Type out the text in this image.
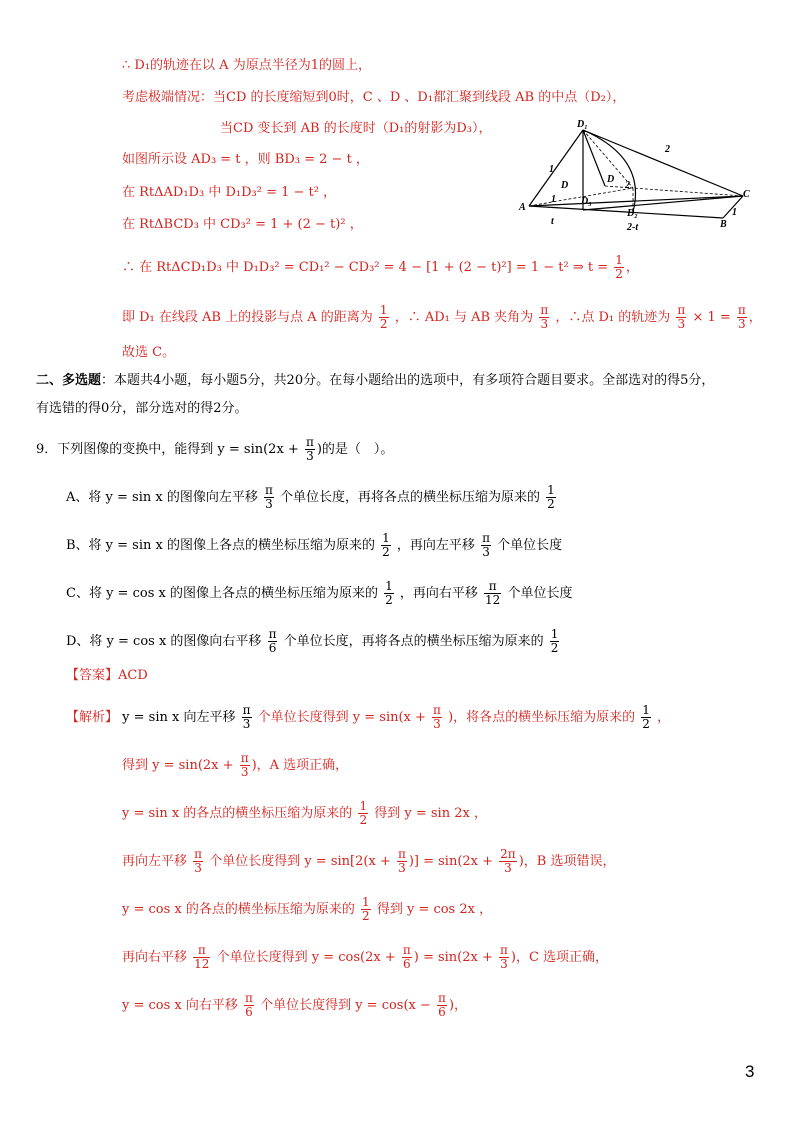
∴ D₁的轨迹在以 A 为原点半径为1的圆上，
考虑极端情况：当CD 的长度缩短到0时，C 、D 、D₁都汇聚到线段 AB 的中点（D₂），
当CD 变长到 AB 的长度时（D₁的射影为D₃），
如图所示设 AD₃ = t ，则 BD₃ = 2 − t ，
在 RtΔAD₁D₃ 中 D₁D₃² = 1 − t² ，
在 RtΔBCD₃ 中 CD₃² = 1 + (2 − t)² ，
∴ 在 RtΔCD₁D₃ 中 D₁D₃² = CD₁² − CD₃² = 4 − [1 + (2 − t)²] = 1 − t² ⇒ $t = \frac{1}{2}$ ，
即 D₁ 在线段 AB 上的投影与点 A 的距离为 $\frac{1}{2}$ ，∴ AD₁ 与 AB 夹角为 $\frac{\pi}{3}$ ，∴点 D₁ 的轨迹为 $\frac{\pi}{3} \times 1 = \frac{\pi}{3}$ ，
故选 C。
D₁
2
1
D
D
2
C
A
1	D₃
D₂	1
B
t
2-t
二、多选题：本题共4小题，每小题5分，共20分。在每小题给出的选项中，有多项符合题目要求。全部选对的得5分，
有选错的得0分，部分选对的得2分。
9．下列图像的变换中，能得到 $y = \sin(2x + \frac{\pi}{3}$ )的是（　）。
A、将 y = sin x 的图像向左平移 $\frac{\pi}{3}$ 个单位长度，再将各点的横坐标压缩为原来的 $\frac{1}{2}$
B、将 y = sin x 的图像上各点的横坐标压缩为原来的 $\frac{1}{2}$ ，再向左平移 $\frac{\pi}{3}$ 个单位长度
C、将 y = cos x 的图像上各点的横坐标压缩为原来的 $\frac{1}{2}$ ，再向右平移 $\frac{\pi}{12}$ 个单位长度
D、将 y = cos x 的图像向右平移 $\frac{\pi}{6}$ 个单位长度，再将各点的横坐标压缩为原来的 $\frac{1}{2}$
【答案】ACD
【解析】 y = sin x 向左平移 $\frac{\pi}{3}$ 个单位长度得到 $y = \sin(x + \frac{\pi}{3}$ )，将各点的横坐标压缩为原来的 $\frac{1}{2}$ ，
得到 $y = \sin(2x + \frac{\pi}{3}$ )，A 选项正确，
y = sin x 的各点的横坐标压缩为原来的 $\frac{1}{2}$ 得到 y = sin 2x ，
再向左平移 $\frac{\pi}{3}$ 个单位长度得到 $y = \sin[2(x + \frac{\pi}{3}$ )] = $\sin(2x + \frac{2\pi}{3}$ )，B 选项错误，
y = cos x 的各点的横坐标压缩为原来的 $\frac{1}{2}$ 得到 y = cos 2x ，
再向右平移 $\frac{\pi}{12}$ 个单位长度得到 $y = \cos(2x + \frac{\pi}{6}$ ) = $\sin(2x + \frac{\pi}{3}$ )，C 选项正确，
y = cos x 向右平移 $\frac{\pi}{6}$ 个单位长度得到 $y = \cos(x - \frac{\pi}{6}$ )，
3
